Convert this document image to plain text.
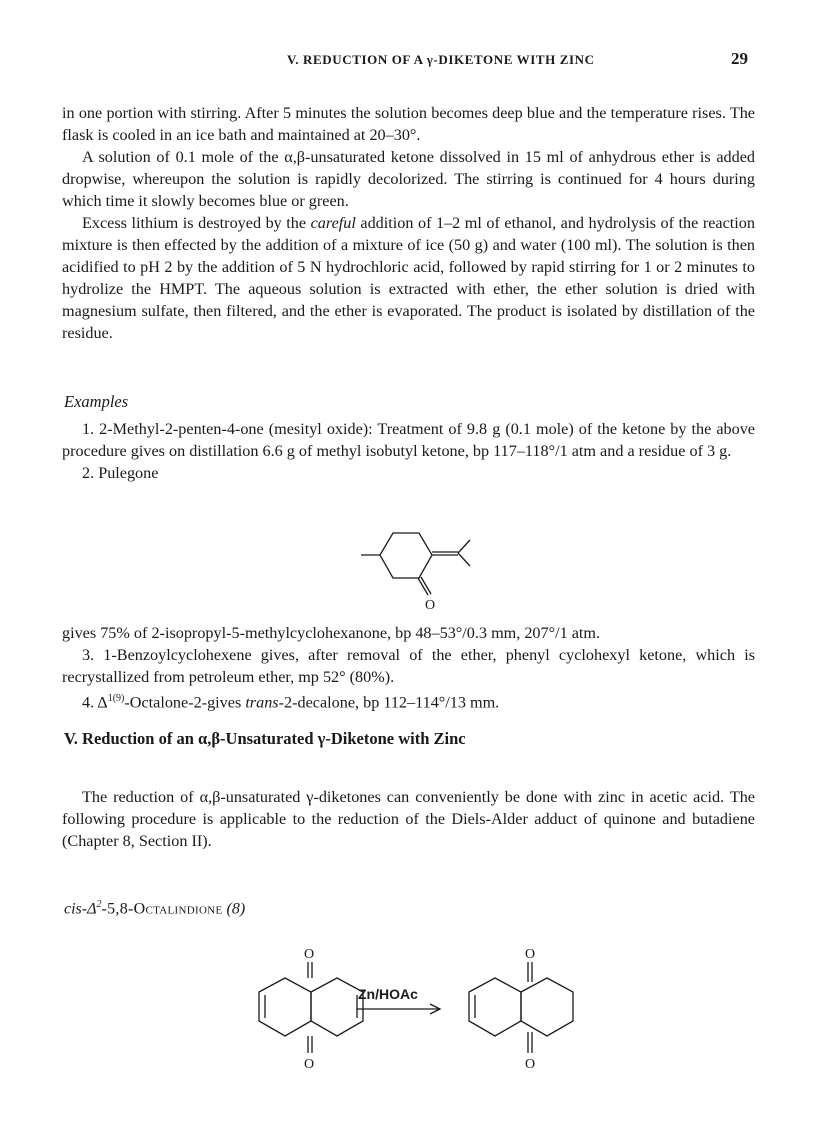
V. REDUCTION OF A γ-DIKETONE WITH ZINC	29

in one portion with stirring. After 5 minutes the solution becomes deep blue and the temperature rises. The flask is cooled in an ice bath and maintained at 20–30°.

A solution of 0.1 mole of the α,β-unsaturated ketone dissolved in 15 ml of anhydrous ether is added dropwise, whereupon the solution is rapidly decolorized. The stirring is continued for 4 hours during which time it slowly becomes blue or green.

Excess lithium is destroyed by the careful addition of 1–2 ml of ethanol, and hydrolysis of the reaction mixture is then effected by the addition of a mixture of ice (50 g) and water (100 ml). The solution is then acidified to pH 2 by the addition of 5 N hydrochloric acid, followed by rapid stirring for 1 or 2 minutes to hydrolize the HMPT. The aqueous solution is extracted with ether, the ether solution is dried with magnesium sulfate, then filtered, and the ether is evaporated. The product is isolated by distillation of the residue.

Examples

1. 2-Methyl-2-penten-4-one (mesityl oxide): Treatment of 9.8 g (0.1 mole) of the ketone by the above procedure gives on distillation 6.6 g of methyl isobutyl ketone, bp 117–118°/1 atm and a residue of 3 g.

2. Pulegone

O

gives 75% of 2-isopropyl-5-methylcyclohexanone, bp 48–53°/0.3 mm, 207°/1 atm.

3. 1-Benzoylcyclohexene gives, after removal of the ether, phenyl cyclohexyl ketone, which is recrystallized from petroleum ether, mp 52° (80%).

4. $\Delta^{1(9)}-Octalone-2$-gives trans-2-decalone, bp 112–114°/13 mm.

V. Reduction of an α,β-Unsaturated γ-Diketone with Zinc

The reduction of α,β-unsaturated γ-diketones can conveniently be done with zinc in acetic acid. The following procedure is applicable to the reduction of the Diels-Alder adduct of quinone and butadiene (Chapter 8, Section II).

cis-$\Delta^2-5,8$-Octalindione (8)
O
O
O
O
Zn/HOAc
